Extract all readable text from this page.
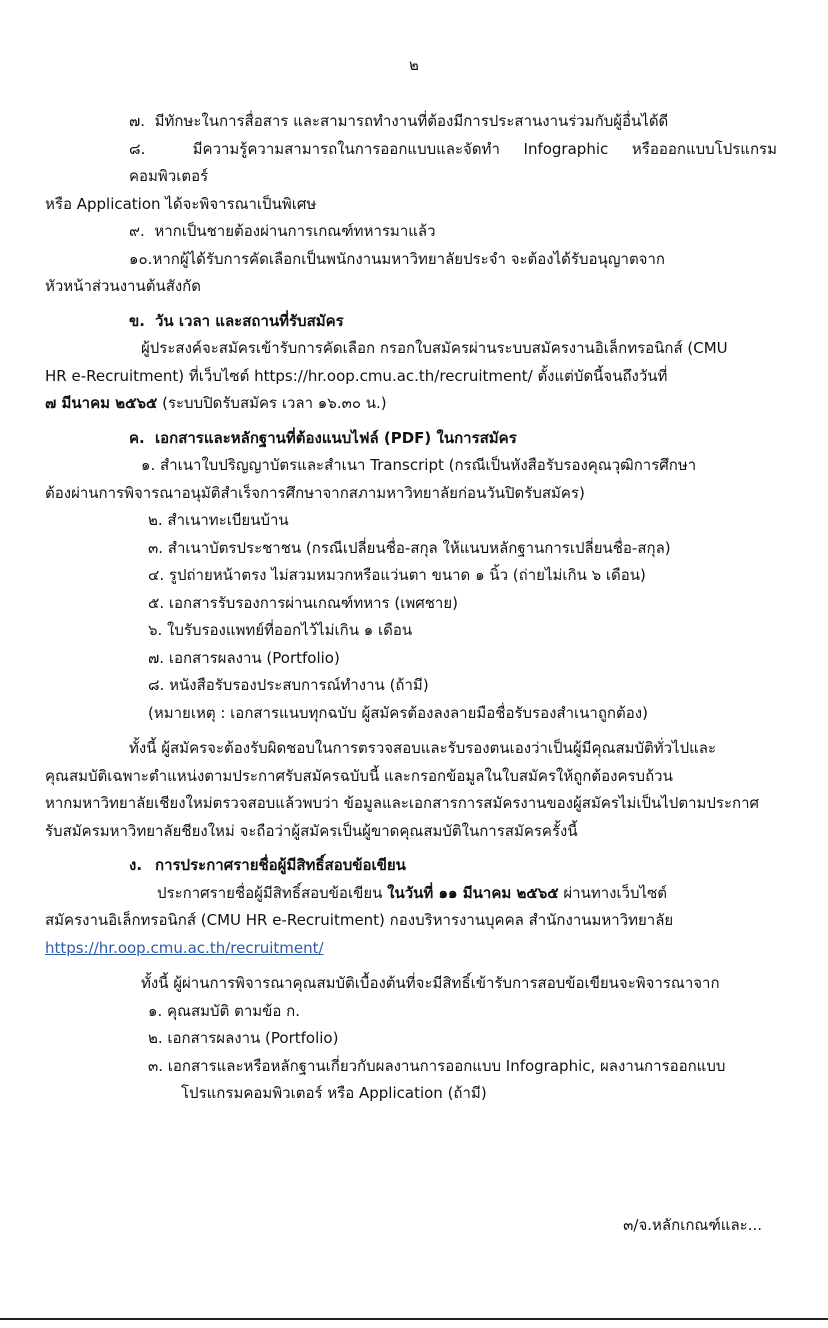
๒

๗. มีทักษะในการสื่อสาร และสามารถทำงานที่ต้องมีการประสานงานร่วมกับผู้อื่นได้ดี

๘.	มีความรู้ความสามารถในการออกแบบและจัดทำ Infographic หรือออกแบบโปรแกรมคอมพิวเตอร์

หรือ Application ได้จะพิจารณาเป็นพิเศษ

๙. หากเป็นชายต้องผ่านการเกณฑ์ทหารมาแล้ว

๑๐.หากผู้ได้รับการคัดเลือกเป็นพนักงานมหาวิทยาลัยประจำ จะต้องได้รับอนุญาตจาก

หัวหน้าส่วนงานต้นสังกัด

ข. วัน เวลา และสถานที่รับสมัคร

ผู้ประสงค์จะสมัครเข้ารับการคัดเลือก กรอกใบสมัครผ่านระบบสมัครงานอิเล็กทรอนิกส์ (CMU

HR e-Recruitment) ที่เว็บไซต์ https://hr.oop.cmu.ac.th/recruitment/ ตั้งแต่บัดนี้จนถึงวันที่

๗ มีนาคม ๒๕๖๕ (ระบบปิดรับสมัคร เวลา ๑๖.๓๐ น.)

ค. เอกสารและหลักฐานที่ต้องแนบไฟล์ (PDF) ในการสมัคร

๑. สำเนาใบปริญญาบัตรและสำเนา Transcript (กรณีเป็นหังสือรับรองคุณวุฒิการศึกษา

ต้องผ่านการพิจารณาอนุมัติสำเร็จการศึกษาจากสภามหาวิทยาลัยก่อนวันปิดรับสมัคร)

๒. สำเนาทะเบียนบ้าน

๓. สำเนาบัตรประชาชน (กรณีเปลี่ยนชื่อ-สกุล ให้แนบหลักฐานการเปลี่ยนชื่อ-สกุล)

๔. รูปถ่ายหน้าตรง ไม่สวมหมวกหรือแว่นตา ขนาด ๑ นิ้ว (ถ่ายไม่เกิน ๖ เดือน)

๕. เอกสารรับรองการผ่านเกณฑ์ทหาร (เพศชาย)

๖. ใบรับรองแพทย์ที่ออกไว้ไม่เกิน ๑ เดือน

๗. เอกสารผลงาน (Portfolio)

๘. หนังสือรับรองประสบการณ์ทำงาน (ถ้ามี)

(หมายเหตุ : เอกสารแนบทุกฉบับ ผู้สมัครต้องลงลายมือชื่อรับรองสำเนาถูกต้อง)

ทั้งนี้ ผู้สมัครจะต้องรับผิดชอบในการตรวจสอบและรับรองตนเองว่าเป็นผู้มีคุณสมบัติทั่วไปและ

คุณสมบัติเฉพาะตำแหน่งตามประกาศรับสมัครฉบับนี้ และกรอกข้อมูลในใบสมัครให้ถูกต้องครบถ้วน

หากมหาวิทยาลัยเชียงใหม่ตรวจสอบแล้วพบว่า ข้อมูลและเอกสารการสมัครงานของผู้สมัครไม่เป็นไปตามประกาศ

รับสมัครมหาวิทยาลัยชียงใหม่ จะถือว่าผู้สมัครเป็นผู้ขาดคุณสมบัติในการสมัครครั้งนี้

ง. การประกาศรายชื่อผู้มีสิทธิ์สอบข้อเขียน

ประกาศรายชื่อผู้มีสิทธิ์สอบข้อเขียน ในวันที่ ๑๑ มีนาคม ๒๕๖๕ ผ่านทางเว็บไซต์

สมัครงานอิเล็กทรอนิกส์ (CMU HR e-Recruitment) กองบริหารงานบุคคล สำนักงานมหาวิทยาลัย

https://hr.oop.cmu.ac.th/recruitment/

ทั้งนี้ ผู้ผ่านการพิจารณาคุณสมบัติเบื้องต้นที่จะมีสิทธิ์เข้ารับการสอบข้อเขียนจะพิจารณาจาก

๑. คุณสมบัติ ตามข้อ ก.

๒. เอกสารผลงาน (Portfolio)

๓. เอกสารและหรือหลักฐานเกี่ยวกับผลงานการออกแบบ Infographic, ผลงานการออกแบบ

โปรแกรมคอมพิวเตอร์ หรือ Application (ถ้ามี)

๓/จ.หลักเกณฑ์และ...
